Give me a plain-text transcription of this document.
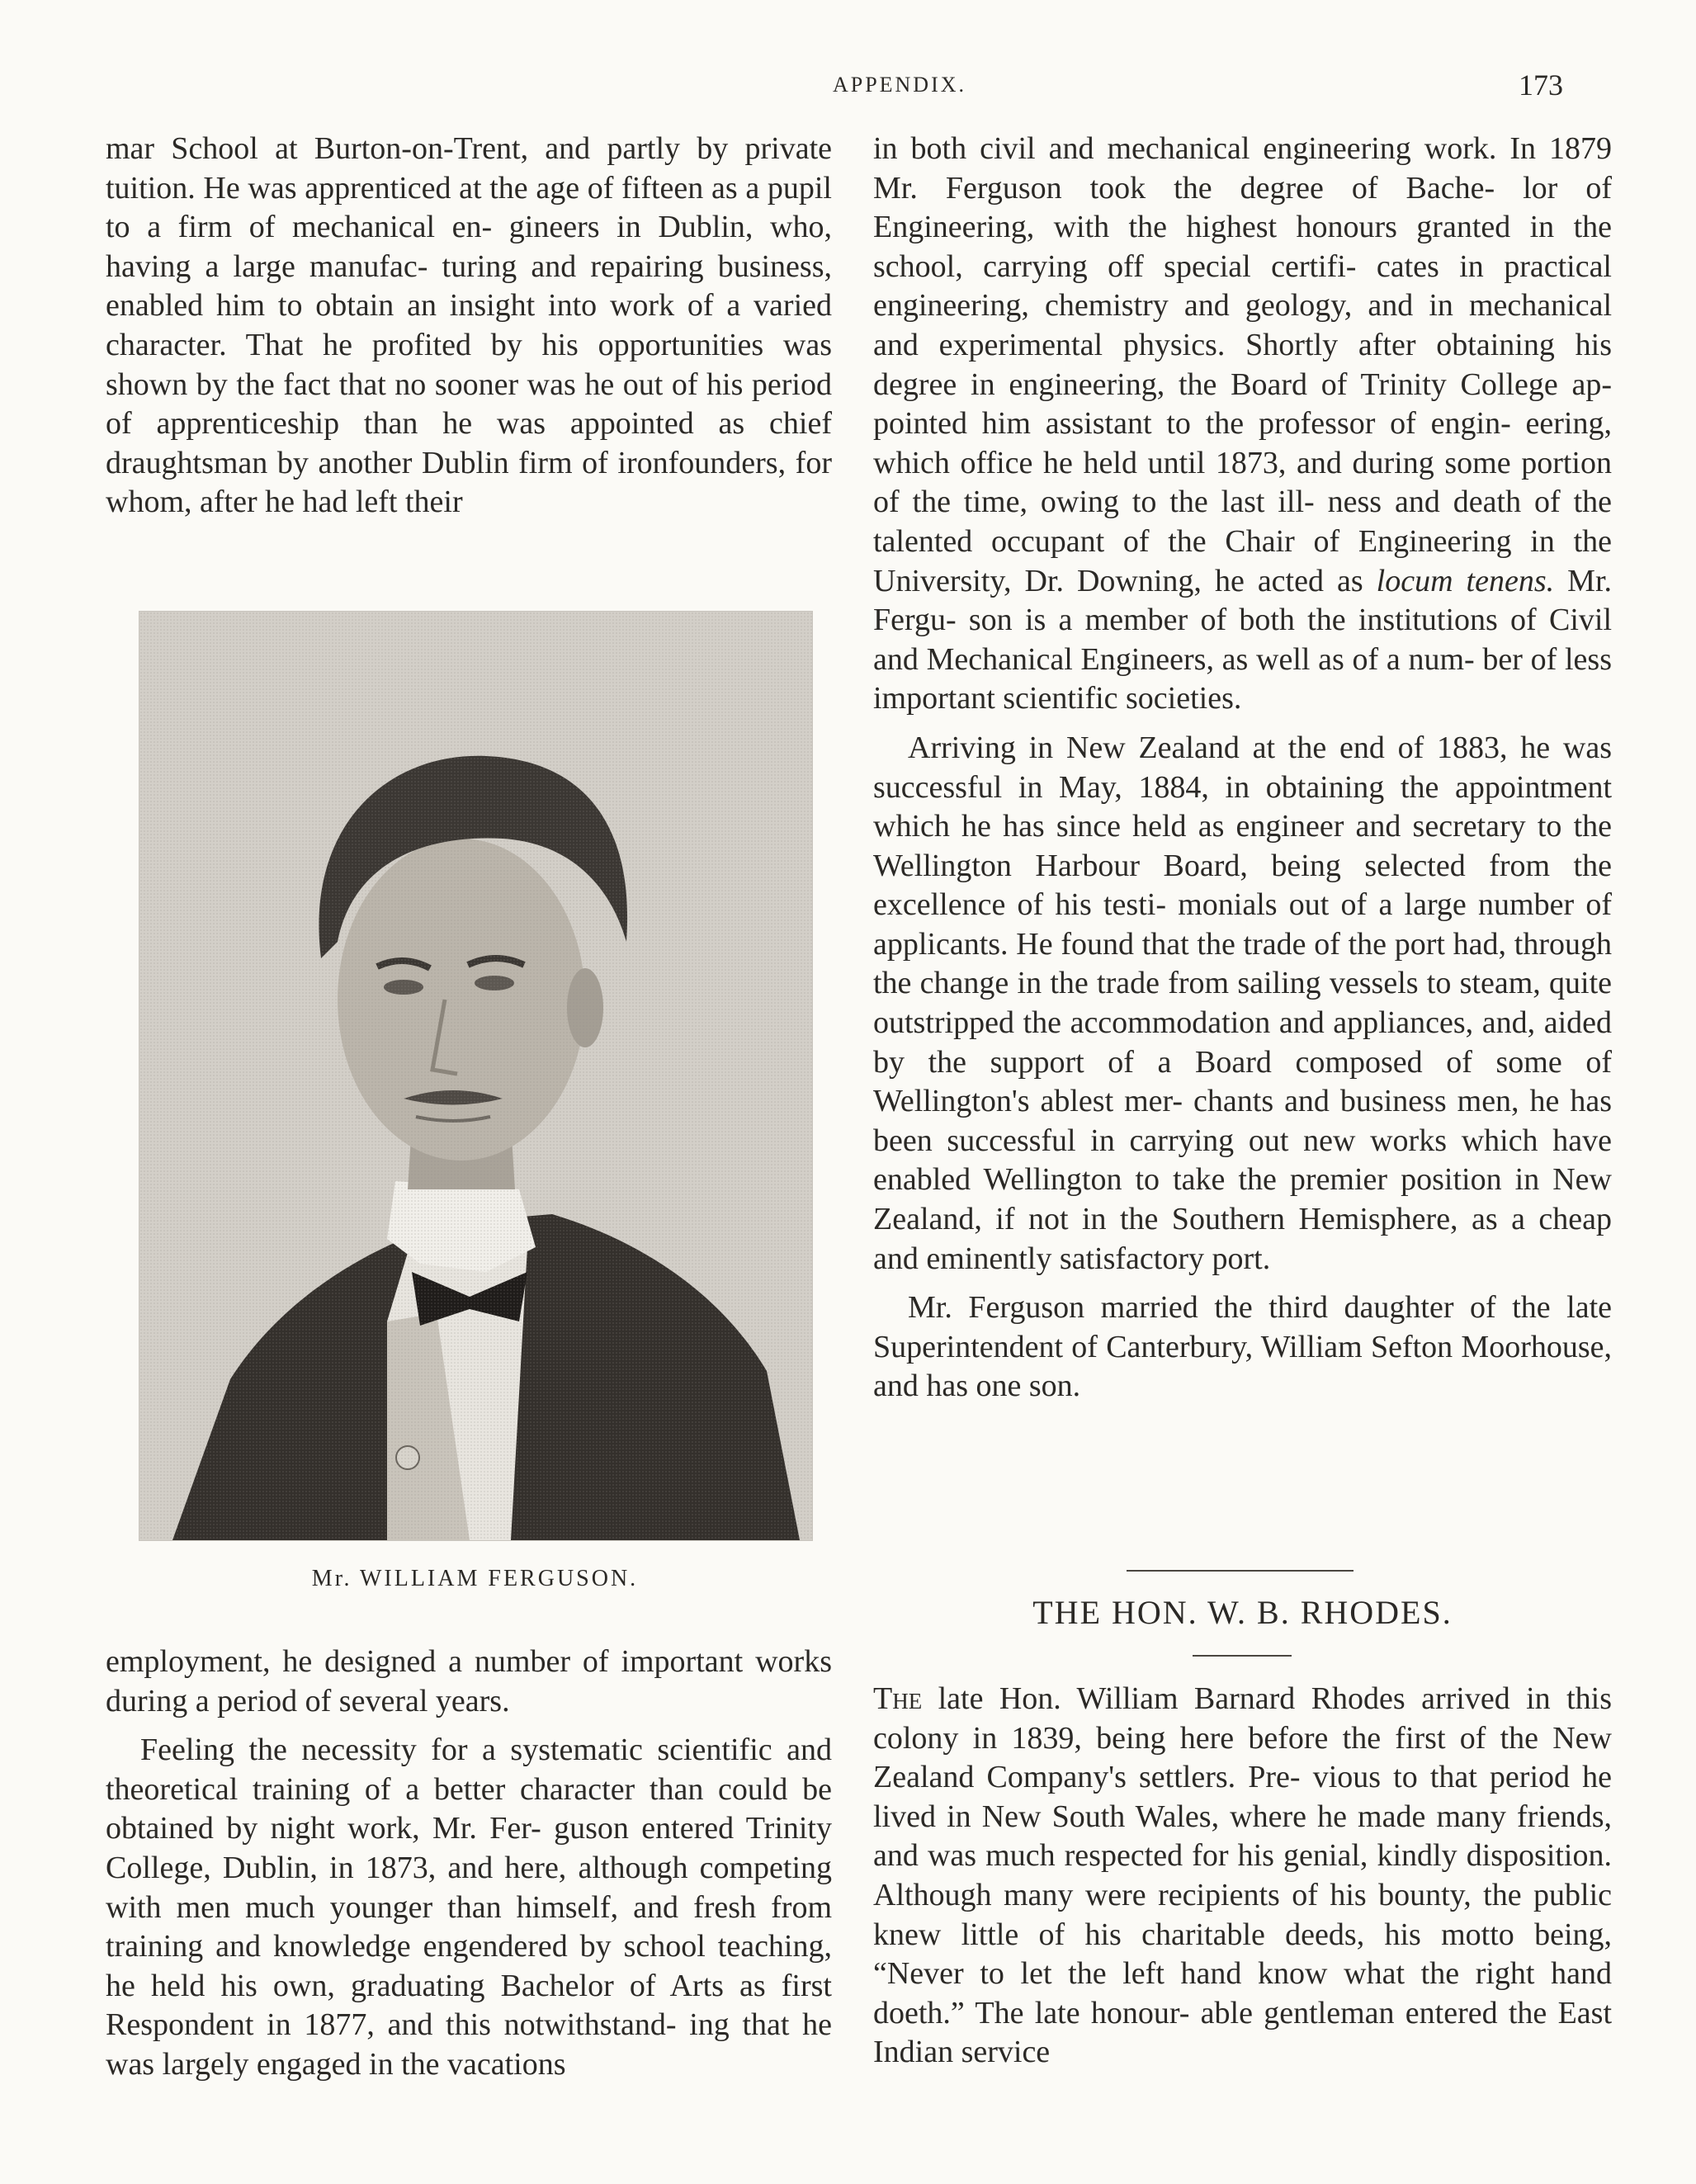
APPENDIX.	173

mar School at Burton-on-Trent, and partly by private tuition. He was apprenticed at the age of fifteen as a pupil to a firm of mechanical en- gineers in Dublin, who, having a large manufac- turing and repairing business, enabled him to obtain an insight into work of a varied character. That he profited by his opportunities was shown by the fact that no sooner was he out of his period of apprenticeship than he was appointed as chief draughtsman by another Dublin firm of ironfounders, for whom, after he had left their

Mr. WILLIAM FERGUSON.

employment, he designed a number of important works during a period of several years.

Feeling the necessity for a systematic scientific and theoretical training of a better character than could be obtained by night work, Mr. Fer- guson entered Trinity College, Dublin, in 1873, and here, although competing with men much younger than himself, and fresh from training and knowledge engendered by school teaching, he held his own, graduating Bachelor of Arts as first Respondent in 1877, and this notwithstand- ing that he was largely engaged in the vacations

in both civil and mechanical engineering work. In 1879 Mr. Ferguson took the degree of Bache- lor of Engineering, with the highest honours granted in the school, carrying off special certifi- cates in practical engineering, chemistry and geology, and in mechanical and experimental physics. Shortly after obtaining his degree in engineering, the Board of Trinity College ap- pointed him assistant to the professor of engin- eering, which office he held until 1873, and during some portion of the time, owing to the last ill- ness and death of the talented occupant of the Chair of Engineering in the University, Dr. Downing, he acted as locum tenens. Mr. Fergu- son is a member of both the institutions of Civil and Mechanical Engineers, as well as of a num- ber of less important scientific societies.

Arriving in New Zealand at the end of 1883, he was successful in May, 1884, in obtaining the appointment which he has since held as engineer and secretary to the Wellington Harbour Board, being selected from the excellence of his testi- monials out of a large number of applicants. He found that the trade of the port had, through the change in the trade from sailing vessels to steam, quite outstripped the accommodation and appliances, and, aided by the support of a Board composed of some of Wellington's ablest mer- chants and business men, he has been successful in carrying out new works which have enabled Wellington to take the premier position in New Zealand, if not in the Southern Hemisphere, as a cheap and eminently satisfactory port.

Mr. Ferguson married the third daughter of the late Superintendent of Canterbury, William Sefton Moorhouse, and has one son.

THE HON. W. B. RHODES.

The late Hon. William Barnard Rhodes arrived in this colony in 1839, being here before the first of the New Zealand Company's settlers. Pre- vious to that period he lived in New South Wales, where he made many friends, and was much respected for his genial, kindly disposition. Although many were recipients of his bounty, the public knew little of his charitable deeds, his motto being, “Never to let the left hand know what the right hand doeth.” The late honour- able gentleman entered the East Indian service
